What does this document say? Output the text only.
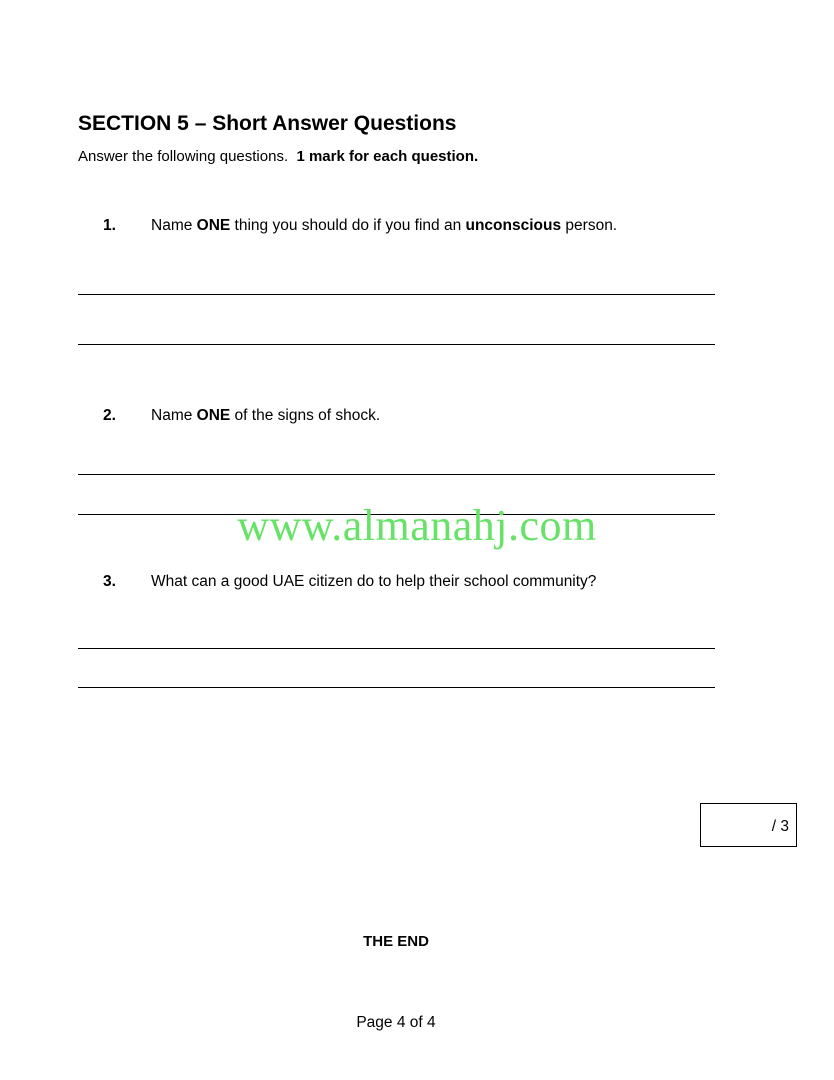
SECTION 5 – Short Answer Questions
Answer the following questions.  1 mark for each question.
1. Name ONE thing you should do if you find an unconscious person.
2. Name ONE of the signs of shock.
www.almanahj.com
3. What can a good UAE citizen do to help their school community?
/ 3
THE END
Page 4 of 4
